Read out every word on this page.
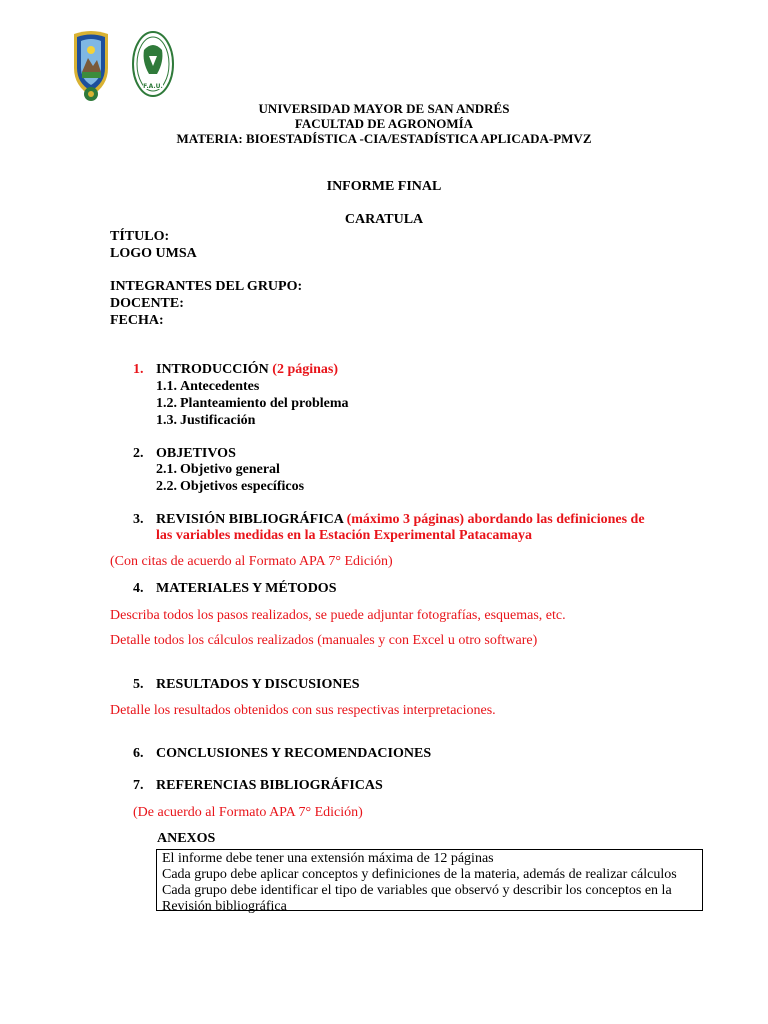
F.A.U.
UNIVERSIDAD MAYOR DE SAN ANDRÉS
FACULTAD DE AGRONOMÍA
MATERIA: BIOESTADÍSTICA -CIA/ESTADÍSTICA APLICADA-PMVZ
INFORME FINAL
CARATULA
TÍTULO:
LOGO UMSA
INTEGRANTES DEL GRUPO:
DOCENTE:
FECHA:
1. INTRODUCCIÓN (2 páginas)
1.1. Antecedentes
1.2. Planteamiento del problema
1.3. Justificación
2. OBJETIVOS
2.1. Objetivo general
2.2. Objetivos específicos
3. REVISIÓN BIBLIOGRÁFICA (máximo 3 páginas) abordando las definiciones de
las variables medidas en la Estación Experimental Patacamaya
(Con citas de acuerdo al Formato APA 7° Edición)
4. MATERIALES Y MÉTODOS
Describa todos los pasos realizados, se puede adjuntar fotografías, esquemas, etc.
Detalle todos los cálculos realizados (manuales y con Excel u otro software)
5. RESULTADOS Y DISCUSIONES
Detalle los resultados obtenidos con sus respectivas interpretaciones.
6. CONCLUSIONES Y RECOMENDACIONES
7. REFERENCIAS BIBLIOGRÁFICAS
(De acuerdo al Formato APA 7° Edición)
ANEXOS
El informe debe tener una extensión máxima de 12 páginas
Cada grupo debe aplicar conceptos y definiciones de la materia, además de realizar cálculos
Cada grupo debe identificar el tipo de variables que observó y describir los conceptos en la
Revisión bibliográfica
